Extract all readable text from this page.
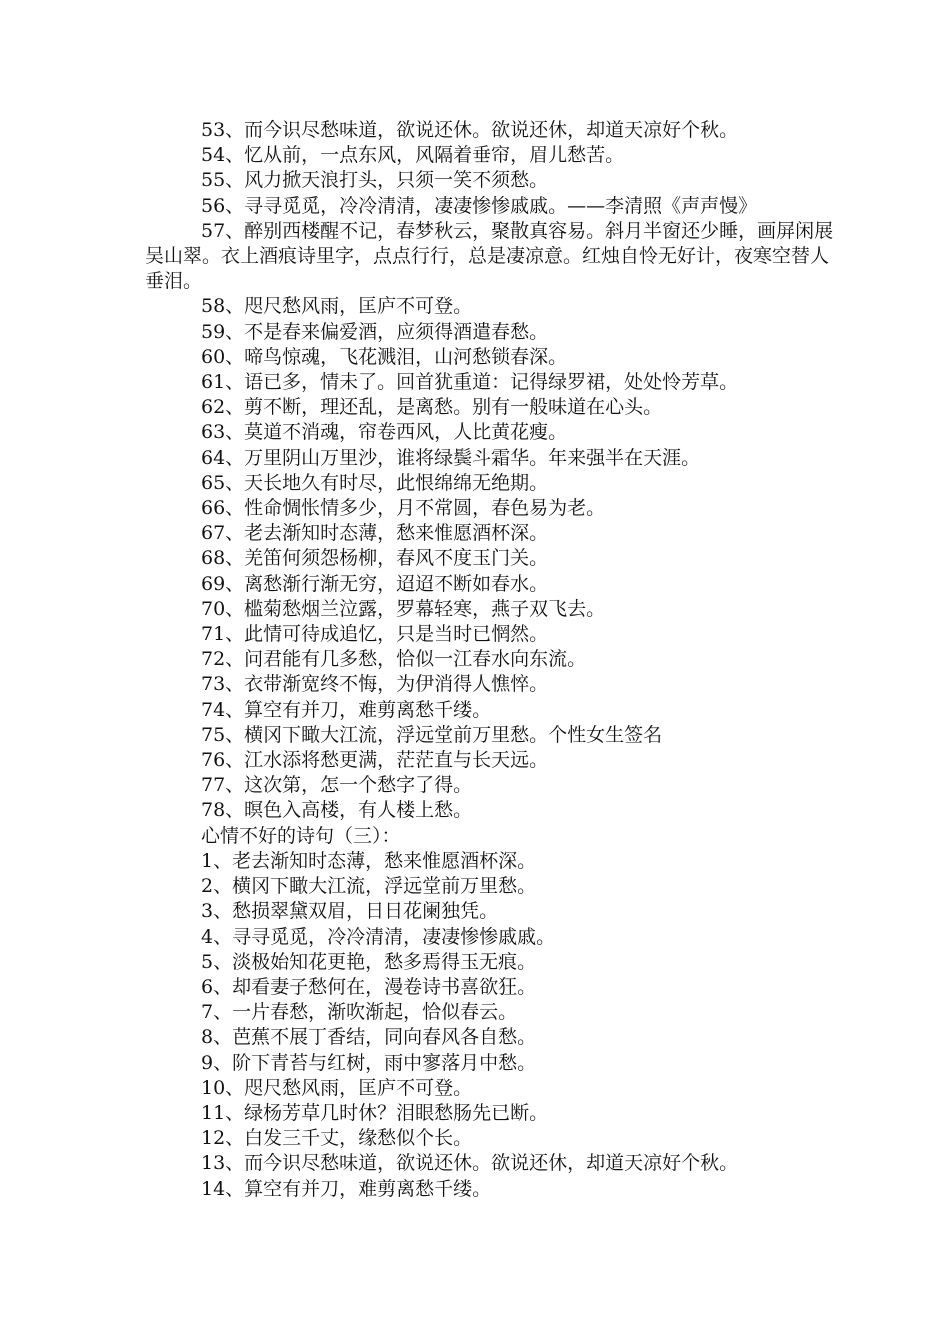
53、而今识尽愁味道，欲说还休。欲说还休，却道天凉好个秋。

54、忆从前，一点东风，风隔着垂帘，眉儿愁苦。

55、风力掀天浪打头，只须一笑不须愁。

56、寻寻觅觅，冷冷清清，凄凄惨惨戚戚。——李清照《声声慢》

57、醉别西楼醒不记，春梦秋云，聚散真容易。斜月半窗还少睡，画屏闲展吴山翠。衣上酒痕诗里字，点点行行，总是凄凉意。红烛自怜无好计，夜寒空替人垂泪。

58、咫尺愁风雨，匡庐不可登。

59、不是春来偏爱酒，应须得酒遣春愁。

60、啼鸟惊魂，飞花溅泪，山河愁锁春深。

61、语已多，情未了。回首犹重道：记得绿罗裙，处处怜芳草。

62、剪不断，理还乱，是离愁。别有一般味道在心头。

63、莫道不消魂，帘卷西风，人比黄花瘦。

64、万里阴山万里沙，谁将绿鬓斗霜华。年来强半在天涯。

65、天长地久有时尽，此恨绵绵无绝期。

66、性命惆怅情多少，月不常圆，春色易为老。

67、老去渐知时态薄，愁来惟愿酒杯深。

68、羌笛何须怨杨柳，春风不度玉门关。

69、离愁渐行渐无穷，迢迢不断如春水。

70、槛菊愁烟兰泣露，罗幕轻寒，燕子双飞去。

71、此情可待成追忆，只是当时已惘然。

72、问君能有几多愁，恰似一江春水向东流。

73、衣带渐宽终不悔，为伊消得人憔悴。

74、算空有并刀，难剪离愁千缕。

75、横冈下瞰大江流，浮远堂前万里愁。个性女生签名

76、江水添将愁更满，茫茫直与长天远。

77、这次第，怎一个愁字了得。

78、暝色入高楼，有人楼上愁。

心情不好的诗句（三）：

1、老去渐知时态薄，愁来惟愿酒杯深。

2、横冈下瞰大江流，浮远堂前万里愁。

3、愁损翠黛双眉，日日花阑独凭。

4、寻寻觅觅，冷冷清清，凄凄惨惨戚戚。

5、淡极始知花更艳，愁多焉得玉无痕。

6、却看妻子愁何在，漫卷诗书喜欲狂。

7、一片春愁，渐吹渐起，恰似春云。

8、芭蕉不展丁香结，同向春风各自愁。

9、阶下青苔与红树，雨中寥落月中愁。

10、咫尺愁风雨，匡庐不可登。

11、绿杨芳草几时休？泪眼愁肠先已断。

12、白发三千丈，缘愁似个长。

13、而今识尽愁味道，欲说还休。欲说还休，却道天凉好个秋。

14、算空有并刀，难剪离愁千缕。
